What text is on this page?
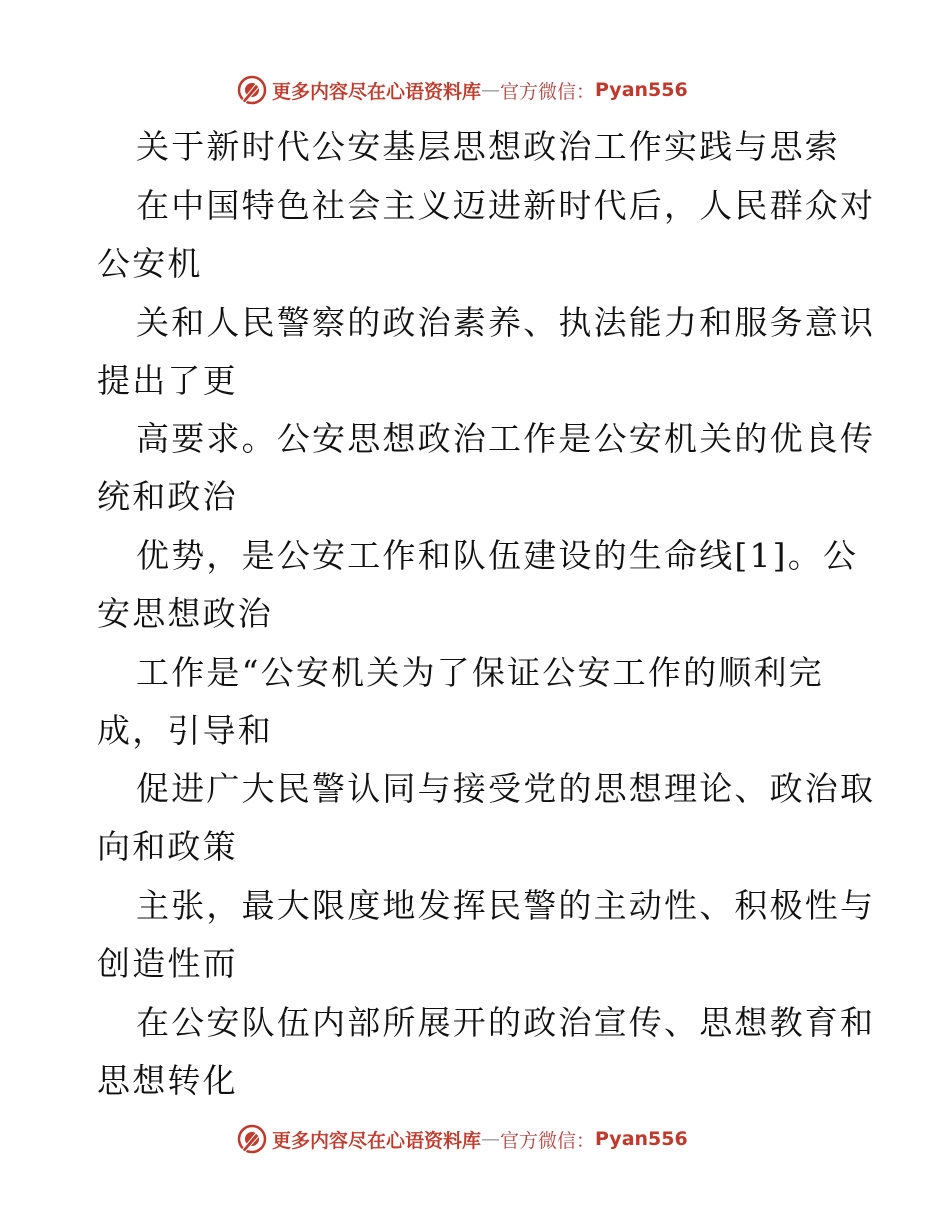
更多内容尽在心语资料库 — 官方微信： Pyan556
关于新时代公安基层思想政治工作实践与思索
在中国特色社会主义迈进新时代后，人民群众对
公安机
关和人民警察的政治素养、执法能力和服务意识
提出了更
高要求。公安思想政治工作是公安机关的优良传
统和政治
优势，是公安工作和队伍建设的生命线[1]。公
安思想政治
工作是“公安机关为了保证公安工作的顺利完
成，引导和
促进广大民警认同与接受党的思想理论、政治取
向和政策
主张，最大限度地发挥民警的主动性、积极性与
创造性而
在公安队伍内部所展开的政治宣传、思想教育和
思想转化
更多内容尽在心语资料库 — 官方微信： Pyan556
